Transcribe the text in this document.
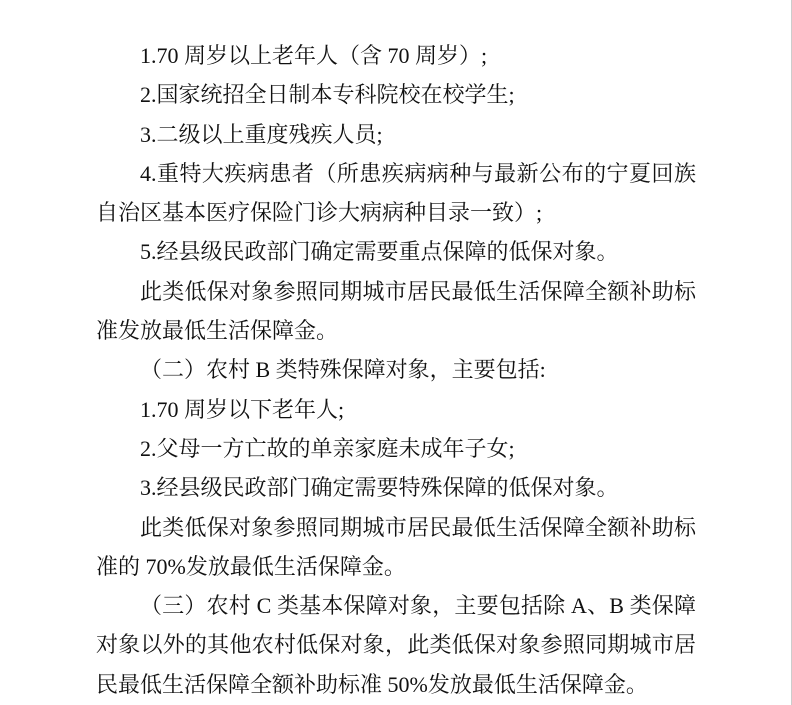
1.70 周岁以上老年人（含 70 周岁）;

2.国家统招全日制本专科院校在校学生;

3.二级以上重度残疾人员;

4.重特大疾病患者（所患疾病病种与最新公布的宁夏回族自治区基本医疗保险门诊大病病种目录一致）;

5.经县级民政部门确定需要重点保障的低保对象。

此类低保对象参照同期城市居民最低生活保障全额补助标准发放最低生活保障金。

（二）农村 B 类特殊保障对象，主要包括:

1.70 周岁以下老年人;

2.父母一方亡故的单亲家庭未成年子女;

3.经县级民政部门确定需要特殊保障的低保对象。

此类低保对象参照同期城市居民最低生活保障全额补助标准的 70%发放最低生活保障金。

（三）农村 C 类基本保障对象，主要包括除 A、B 类保障对象以外的其他农村低保对象，此类低保对象参照同期城市居民最低生活保障全额补助标准 50%发放最低生活保障金。
